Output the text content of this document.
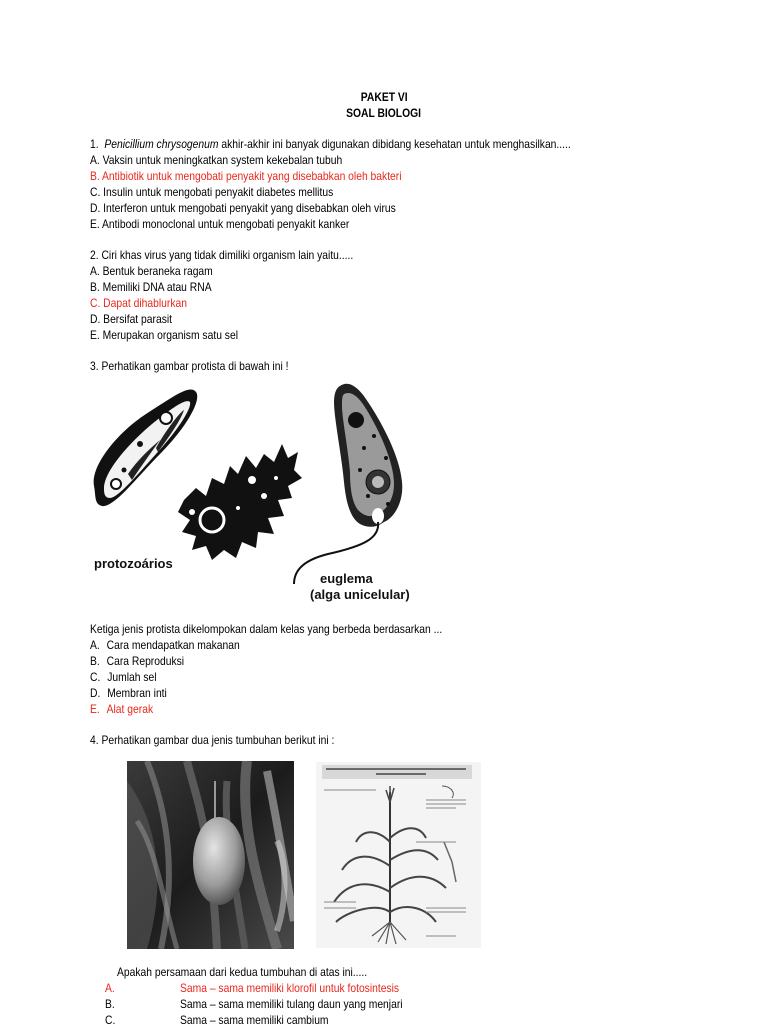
PAKET VI
SOAL BIOLOGI
1. Penicillium chrysogenum akhir-akhir ini banyak digunakan dibidang kesehatan untuk menghasilkan.....
A. Vaksin untuk meningkatkan system kekebalan tubuh
B. Antibiotik untuk mengobati penyakit yang disebabkan oleh bakteri
C. Insulin untuk mengobati penyakit diabetes mellitus
D. Interferon untuk mengobati penyakit yang disebabkan oleh virus
E. Antibodi monoclonal untuk mengobati penyakit kanker
2. Ciri khas virus yang tidak dimiliki organism lain yaitu.....
A. Bentuk beraneka ragam
B. Memiliki DNA atau RNA
C. Dapat dihablurkan
D. Bersifat parasit
E. Merupakan organism satu sel
3. Perhatikan gambar protista di bawah ini !
protozoários
euglema
(alga unicelular)
Ketiga jenis protista dikelompokan dalam kelas yang berbeda berdasarkan ...
A. Cara mendapatkan makanan
B. Cara Reproduksi
C. Jumlah sel
D. Membran inti
E. Alat gerak
4. Perhatikan gambar dua jenis tumbuhan berikut ini :
Apakah persamaan dari kedua tumbuhan di atas ini.....
A.	Sama – sama memiliki klorofil untuk fotosintesis
B.	Sama – sama memiliki tulang daun yang menjari
C.	Sama – sama memiliki cambium
